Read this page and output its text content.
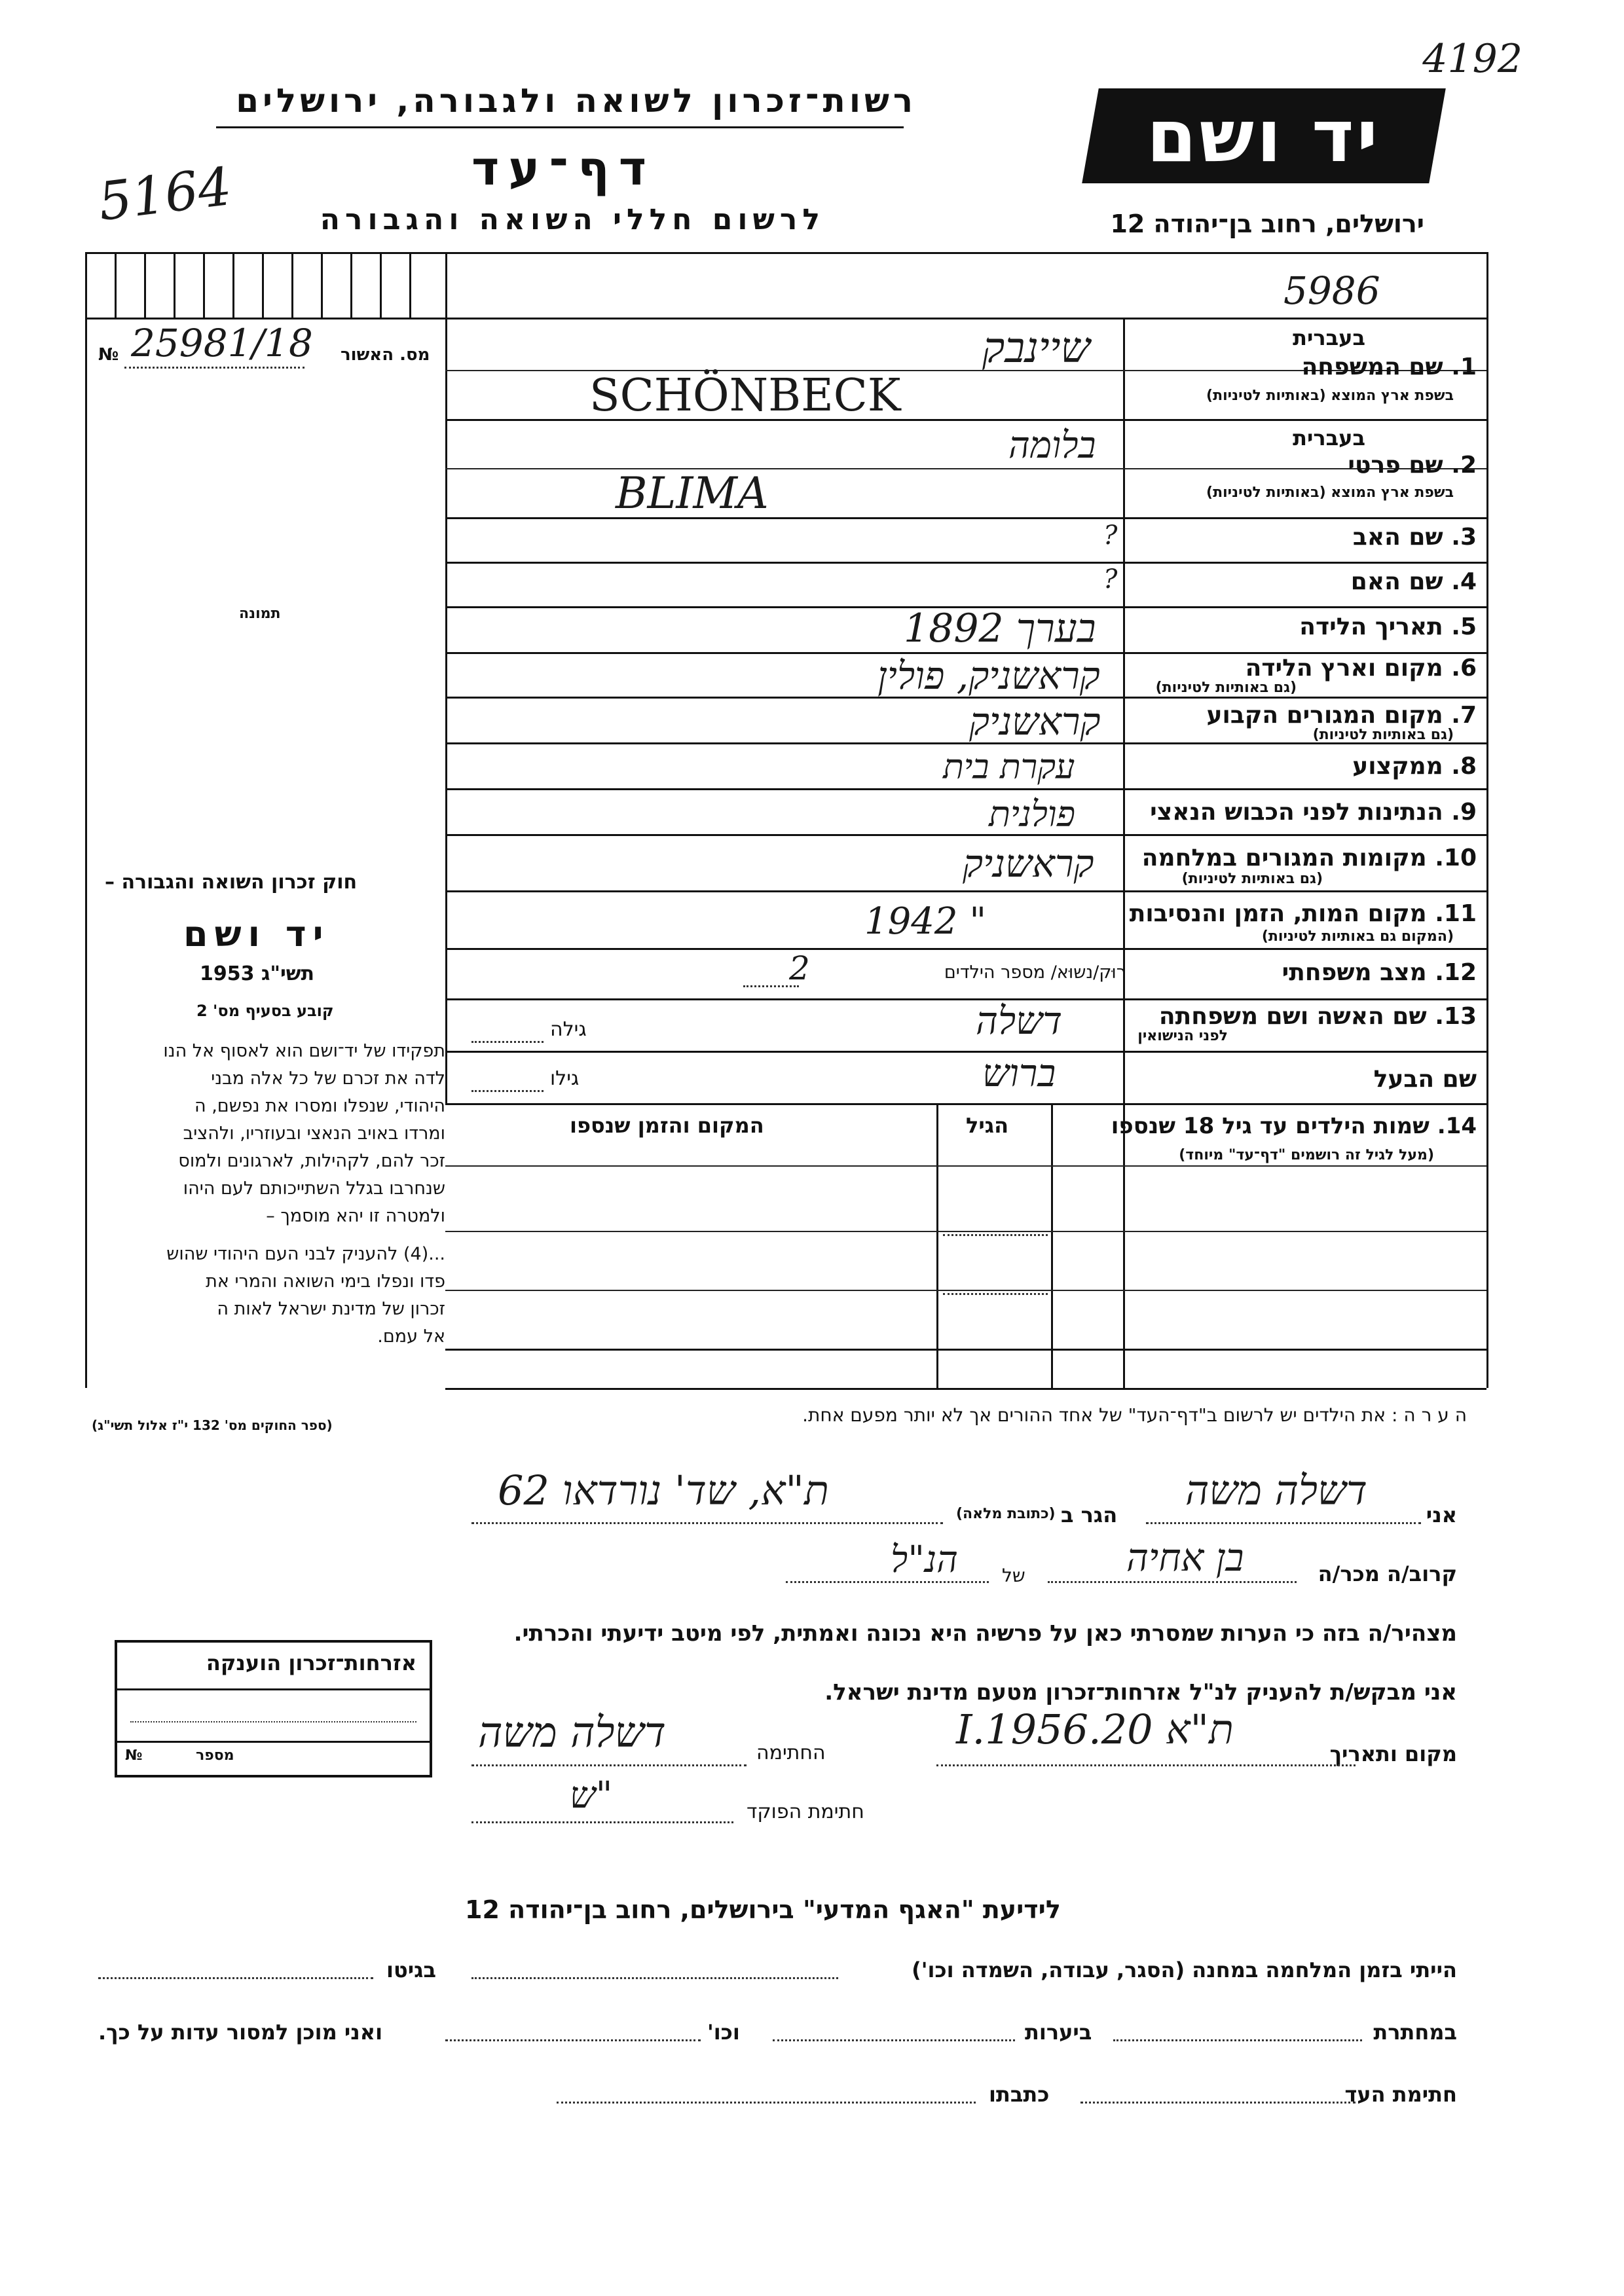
4192
רשות־זכרון לשואה ולגבורה, ירושלים
5164	דף־עד
לרשום חללי השואה והגבורה
יד ושם
ירושלים, רחוב בן־יהודה 12
5986
№ 25981/18 מס. האשור
תמונה
חוק זכרון השואה והגבורה –
יד ושם
תשי"ג 1953
קובע בסעיף מס' 2
תפקידו של יד־ושם הוא לאסוף אל הנו
לדה את זכרם של כל אלה מבני
היהודי, שנפלו ומסרו את נפשם, ה
ומרדו באויב הנאצי ובעוזריו, ולהציב
זכר להם, לקהילות, לארגונים ולמוס
שנחרבו בגלל השתייכותם לעם היהו
ולמטרה זו יהא מוסמך –
...(4) להעניק לבני העם היהודי שהוש
פדו ונפלו בימי השואה והמרי את
זכרון של מדינת ישראל לאות ה
אל עמם.
(ספר החוקים מס' 132 י"ז אלול תשי"ג)
בעברית
1. שם המשפחה
בשפת ארץ המוצא (באותיות לטיניות)
שיינבק
SCHÖNBECK
בעברית
2. שם פרטי
בשפת ארץ המוצא (באותיות לטיניות)
בלומה
BLIMA
3. שם האב
?
4. שם האם
?
5. תאריך הלידה
בערך 1892
6. מקום וארץ הלידה
(גם באותיות לטיניות)
קראשניק, פולין
7. מקום המגורים הקבוע
(גם באותיות לטיניות)
קראשניק
8. ממקצוע
עקרת בית
9. הנתינות לפני הכבוש הנאצי
פולנית
10. מקומות המגורים במלחמה
(גם באותיות לטיניות)
קראשניק
11. מקום המות, הזמן והנסיבות
(המקום גם באותיות לטיניות)
1942 "
12. מצב משפחתי
רוּק/נשוּא/ מספר הילדים
2
13. שם האשה ושם משפחתה
לפני הנישואין
גילה	דשלה
שם הבעל
גילו	ברוש
14. שמות הילדים עד גיל 18 שנספו
(מעל לגיל זה רושמים "דף־עד" מיוחד)
הגיל
המקום והזמן שנספו
ה ע ר ה : את הילדים יש לרשום ב"דף־העד" של אחד ההורים אך לא יותר מפעם אחת.
אני
דשלה משה
הגר ב
(כתובת מלאה)
ת"א, שד' נורדאו 62
קרוב/ה מכר/ה
בן אחיה
של
הנ"ל
מצהיר/ה בזה כי הערות שמסרתי כאן על פרשיה היא נכונה ואמתית, לפי מיטב ידיעתי והכרתי.
אני מבקש/ת להעניק לנ"ל אזרחות־זכרון מטעם מדינת ישראל.
מקום ותאריך
ת"א 20.I.1956
החתימה
דשלה משה
חתימת הפוקד
ש"
אזרחות־זכרון הוענקה
מספר
№
לידיעת "האגף המדעי" בירושלים, רחוב בן־יהודה 12
הייתי בזמן המלחמה במחנה (הסגר, עבודה, השמדה וכו')
בגיטו
במחתרת
ביערות
וכו'
ואני מוכן למסור עדות על כך.
חתימת העד
כתבתו
